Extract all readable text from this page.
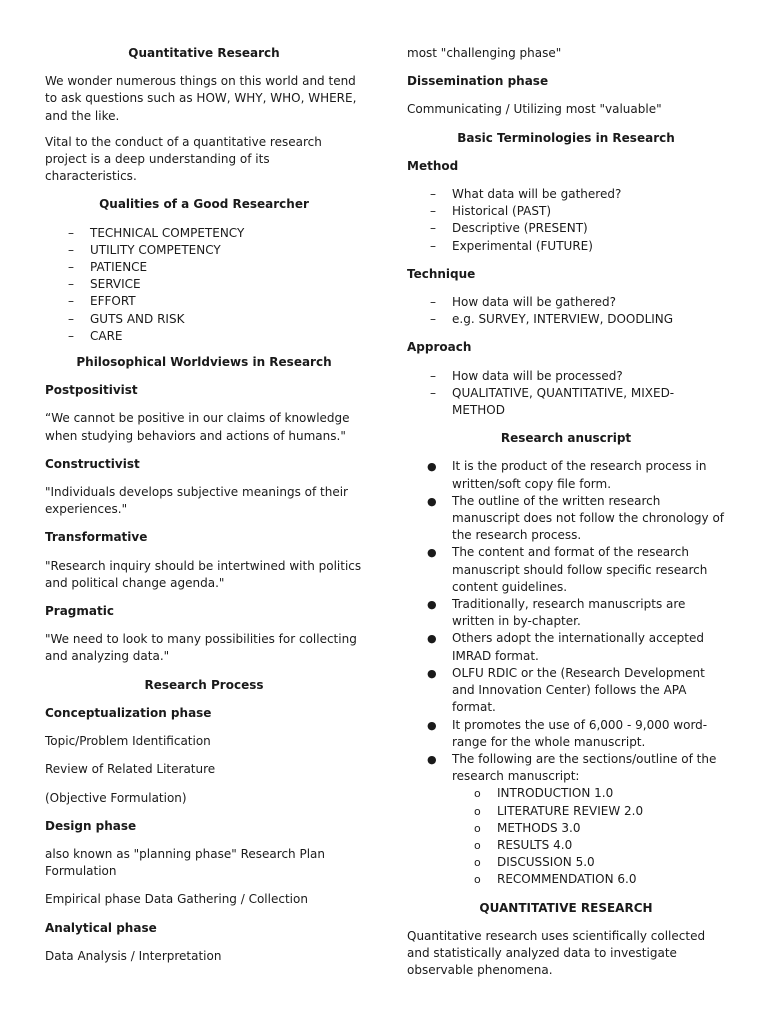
Quantitative Research

We wonder numerous things on this world and tend to ask questions such as HOW, WHY, WHO, WHERE, and the like.

Vital to the conduct of a quantitative research project is a deep understanding of its characteristics.

Qualities of a Good Researcher

– TECHNICAL COMPETENCY
– UTILITY COMPETENCY
– PATIENCE
– SERVICE
– EFFORT
– GUTS AND RISK
– CARE

Philosophical Worldviews in Research

Postpositivist

“We cannot be positive in our claims of knowledge when studying behaviors and actions of humans."

Constructivist

"Individuals develops subjective meanings of their experiences."

Transformative

"Research inquiry should be intertwined with politics and political change agenda."

Pragmatic

"We need to look to many possibilities for collecting and analyzing data."

Research Process

Conceptualization phase

Topic/Problem Identification

Review of Related Literature

(Objective Formulation)

Design phase

also known as "planning phase" Research Plan Formulation

Empirical phase Data Gathering / Collection

Analytical phase

Data Analysis / Interpretation

most "challenging phase"

Dissemination phase

Communicating / Utilizing most "valuable"

Basic Terminologies in Research

Method

– What data will be gathered?
– Historical (PAST)
– Descriptive (PRESENT)
– Experimental (FUTURE)

Technique

– How data will be gathered?
– e.g. SURVEY, INTERVIEW, DOODLING

Approach

– How data will be processed?
– QUALITATIVE, QUANTITATIVE, MIXED-METHOD

Research anuscript

● It is the product of the research process in written/soft copy file form.
● The outline of the written research manuscript does not follow the chronology of the research process.
● The content and format of the research manuscript should follow specific research content guidelines.
● Traditionally, research manuscripts are written in by-chapter.
● Others adopt the internationally accepted IMRAD format.
● OLFU RDIC or the (Research Development and Innovation Center) follows the APA format.
● It promotes the use of 6,000 - 9,000 word-range for the whole manuscript.
● The following are the sections/outline of the research manuscript:
o INTRODUCTION 1.0
o LITERATURE REVIEW 2.0
o METHODS 3.0
o RESULTS 4.0
o DISCUSSION 5.0
o RECOMMENDATION 6.0

QUANTITATIVE RESEARCH

Quantitative research uses scientifically collected and statistically analyzed data to investigate observable phenomena.
